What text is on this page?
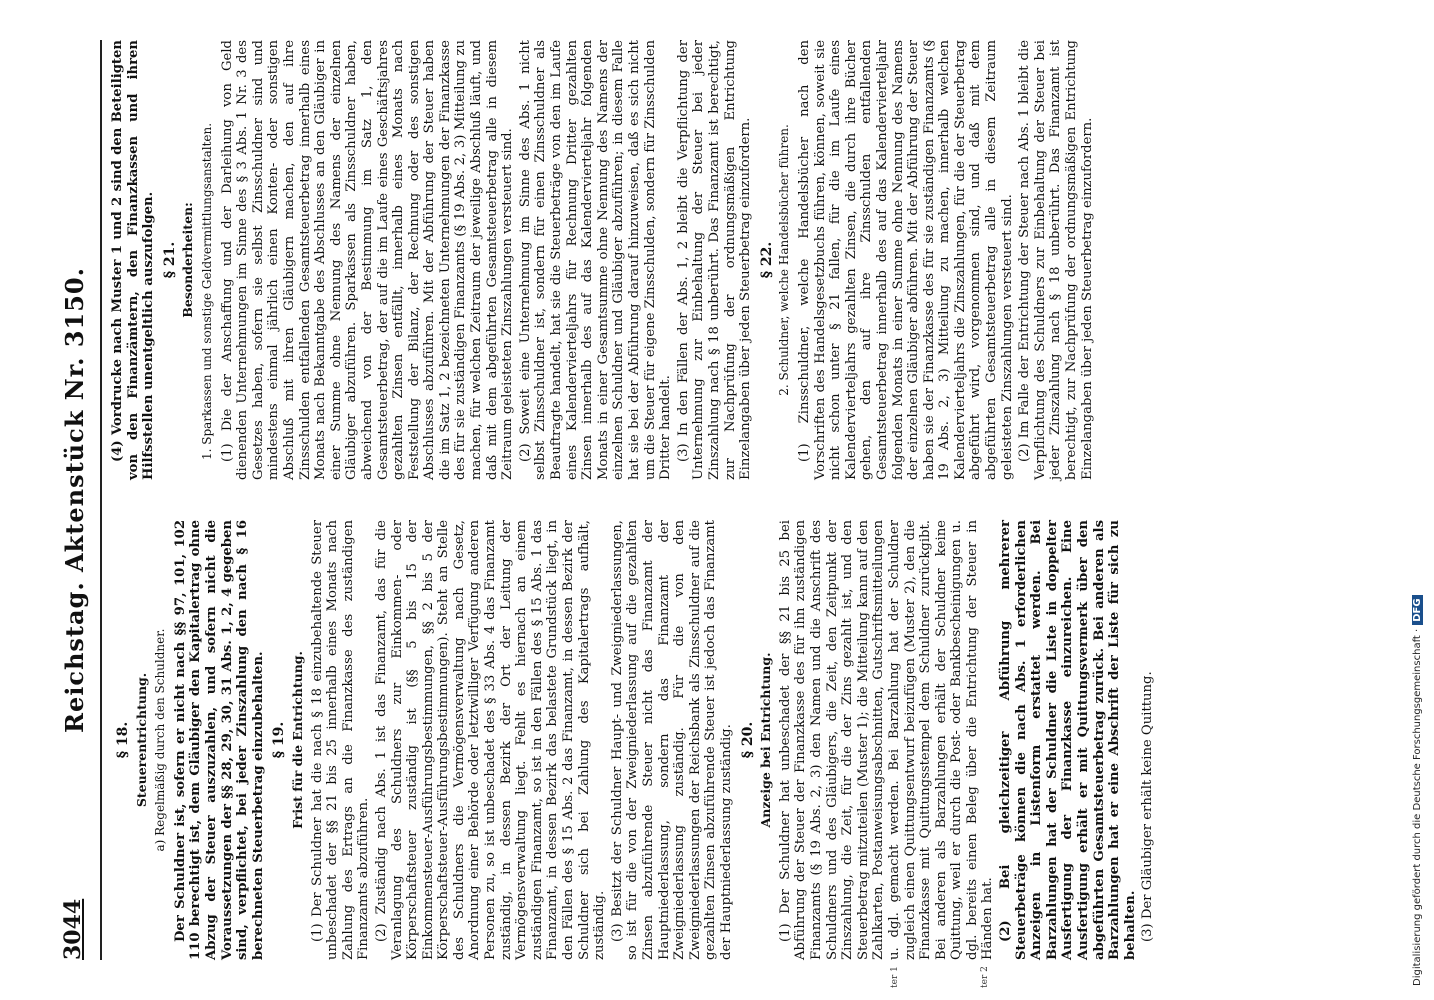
3044
Reichstag. Aktenstück Nr. 3150.
§ 18. Steuerentrichtung. a) Regelmäßig durch den Schuldner. Der Schuldner ist, sofern er nicht nach §§ 97, 101, 102 110 berechtigt ist, dem Gläubiger den Kapitalertrag ohne Abzug der Steuer auszuzahlen, und sofern nicht die Voraussetzungen der §§ 28, 29, 30, 31 Abs. 1, 2, 4 gegeben sind, verpflichtet, bei jeder Zinszahlung den nach § 16 berechneten Steuerbetrag einzubehalten. § 19. Frist für die Entrichtung. (1) Der Schuldner hat die nach § 18 einzubehaltende Steuer unbeschadet der §§ 21 bis 25 innerhalb eines Monats nach Zahlung des Ertrags an die Finanzkasse des zuständigen Finanzamts abzuführen. (2) Zuständig nach Abs. 1 ist das Finanzamt, das für die Veranlagung des Schuldners zur Einkommen- oder Körperschaftsteuer zuständig ist (§§ 5 bis 15 der Einkommensteuer-Ausführungsbestimmungen, §§ 2 bis 5 der Körperschaftsteuer-Ausführungsbestimmungen). Steht an Stelle des Schuldners die Vermögensverwaltung nach Gesetz, Anordnung einer Behörde oder letztwilliger Verfügung anderen Personen zu, so ist unbeschadet des § 33 Abs. 4 das Finanzamt zuständig, in dessen Bezirk der Ort der Leitung der Vermögensverwaltung liegt. Fehlt es hiernach an einem zuständigen Finanzamt, so ist in den Fällen des § 15 Abs. 1 das Finanzamt, in dessen Bezirk das belastete Grundstück liegt, in den Fällen des § 15 Abs. 2 das Finanzamt, in dessen Bezirk der Schuldner sich bei Zahlung des Kapitalertrags aufhält, zuständig. (3) Besitzt der Schuldner Haupt- und Zweigniederlassungen, so ist für die von der Zweigniederlassung auf die gezahlten Zinsen abzuführende Steuer nicht das Finanzamt der Hauptniederlassung, sondern das Finanzamt der Zweigniederlassung zuständig. Für die von den Zweigniederlassungen der Reichsbank als Zinsschuldner auf die gezahlten Zinsen abzuführende Steuer ist jedoch das Finanzamt der Hauptniederlassung zuständig. § 20. Anzeige bei Entrichtung.
ter 1	ter 2

(1) Der Schuldner hat unbeschadet der §§ 21 bis 25 bei Abführung der Steuer der Finanzkasse des für ihn zuständigen Finanzamts (§ 19 Abs. 2, 3) den Namen und die Anschrift des Schuldners und des Gläubigers, die Zeit, den Zeitpunkt der Zinszahlung, die Zeit, für die der Zins gezahlt ist, und den Steuerbetrag mitzuteilen (Muster 1); die Mitteilung kann auf den Zahlkarten, Postanweisungsabschnitten, Gutschriftsmitteilungen u. dgl. gemacht werden. Bei Barzahlung hat der Schuldner zugleich einen Quittungsentwurf beizufügen (Muster 2), den die Finanzkasse mit Quittungsstempel dem Schuldner zurückgibt. Bei anderen als Barzahlungen erhält der Schuldner keine Quittung, weil er durch die Post- oder Bankbescheinigungen u. dgl. bereits einen Beleg über die Entrichtung der Steuer in Händen hat. (2) Bei gleichzeitiger Abführung mehrerer Steuerbeträge können die nach Abs. 1 erforderlichen Anzeigen in Listenform erstattet werden. Bei Barzahlungen hat der Schuldner die Liste in doppelter Ausfertigung der Finanzkasse einzureichen. Eine Ausfertigung erhält er mit Quittungsvermerk über den abgeführten Gesamtsteuerbetrag zurück. Bei anderen als Barzahlungen hat er eine Abschrift der Liste für sich zu behalten. (3) Der Gläubiger erhält keine Quittung.

(4) Vordrucke nach Muster 1 und 2 sind den Beteiligten von den Finanzämtern, den Finanzkassen und ihren Hilfsstellen unentgeltlich auszufolgen. § 21. Besonderheiten: 1. Sparkassen und sonstige Geldvermittlungsanstalten. (1) Die der Anschaffung und der Darleihung von Geld dienenden Unternehmungen im Sinne des § 3 Abs. 1 Nr. 3 des Gesetzes haben, sofern sie selbst Zinsschuldner sind und mindestens einmal jährlich einen Konten- oder sonstigen Abschluß mit ihren Gläubigern machen, den auf ihre Zinsschulden entfallenden Gesamtsteuerbetrag innerhalb eines Monats nach Bekanntgabe des Abschlusses an den Gläubiger in einer Summe ohne Nennung des Namens der einzelnen Gläubiger abzuführen. Sparkassen als Zinsschuldner haben, abweichend von der Bestimmung im Satz 1, den Gesamtsteuerbetrag, der auf die im Laufe eines Geschäftsjahres gezahlten Zinsen entfällt, innerhalb eines Monats nach Feststellung der Bilanz, der Rechnung oder des sonstigen Abschlusses abzuführen. Mit der Abführung der Steuer haben die im Satz 1, 2 bezeichneten Unternehmungen der Finanzkasse des für sie zuständigen Finanzamts (§ 19 Abs. 2, 3) Mitteilung zu machen, für welchen Zeitraum der jeweilige Abschluß läuft, und daß mit dem abgeführten Gesamtsteuerbetrag alle in diesem Zeitraum geleisteten Zinszahlungen versteuert sind. (2) Soweit eine Unternehmung im Sinne des Abs. 1 nicht selbst Zinsschuldner ist, sondern für einen Zinsschuldner als Beauftragte handelt, hat sie die Steuerbeträge von den im Laufe eines Kalendervierteljahrs für Rechnung Dritter gezahlten Zinsen innerhalb des auf das Kalendervierteljahr folgenden Monats in einer Gesamtsumme ohne Nennung des Namens der einzelnen Schuldner und Gläubiger abzuführen; in diesem Falle hat sie bei der Abführung darauf hinzuweisen, daß es sich nicht um die Steuer für eigene Zinsschulden, sondern für Zinsschulden Dritter handelt. (3) In den Fällen der Abs. 1, 2 bleibt die Verpflichtung der Unternehmung zur Einbehaltung der Steuer bei jeder Zinszahlung nach § 18 unberührt. Das Finanzamt ist berechtigt, zur Nachprüfung der ordnungsmäßigen Entrichtung Einzelangaben über jeden Steuerbetrag einzufordern. § 22. 2. Schuldner, welche Handelsbücher führen. (1) Zinsschuldner, welche Handelsbücher nach den Vorschriften des Handelsgesetzbuchs führen, können, soweit sie nicht schon unter § 21 fallen, für die im Laufe eines Kalendervierteljahrs gezahlten Zinsen, die durch ihre Bücher gehen, den auf ihre Zinsschulden entfallenden Gesamtsteuerbetrag innerhalb des auf das Kalendervierteljahr folgenden Monats in einer Summe ohne Nennung des Namens der einzelnen Gläubiger abführen. Mit der Abführung der Steuer haben sie der Finanzkasse des für sie zuständigen Finanzamts (§ 19 Abs. 2, 3) Mitteilung zu machen, innerhalb welchen Kalendervierteljahrs die Zinszahlungen, für die der Steuerbetrag abgeführt wird, vorgenommen sind, und daß mit dem abgeführten Gesamtsteuerbetrag alle in diesem Zeitraum geleisteten Zinszahlungen versteuert sind. (2) Im Falle der Entrichtung der Steuer nach Abs. 1 bleibt die Verpflichtung des Schuldners zur Einbehaltung der Steuer bei jeder Zinszahlung nach § 18 unberührt. Das Finanzamt ist berechtigt, zur Nachprüfung der ordnungsmäßigen Entrichtung Einzelangaben über jeden Steuerbetrag einzufordern.

Digitalisierung gefördert durch die Deutsche Forschungsgemeinschaft ·DFG
